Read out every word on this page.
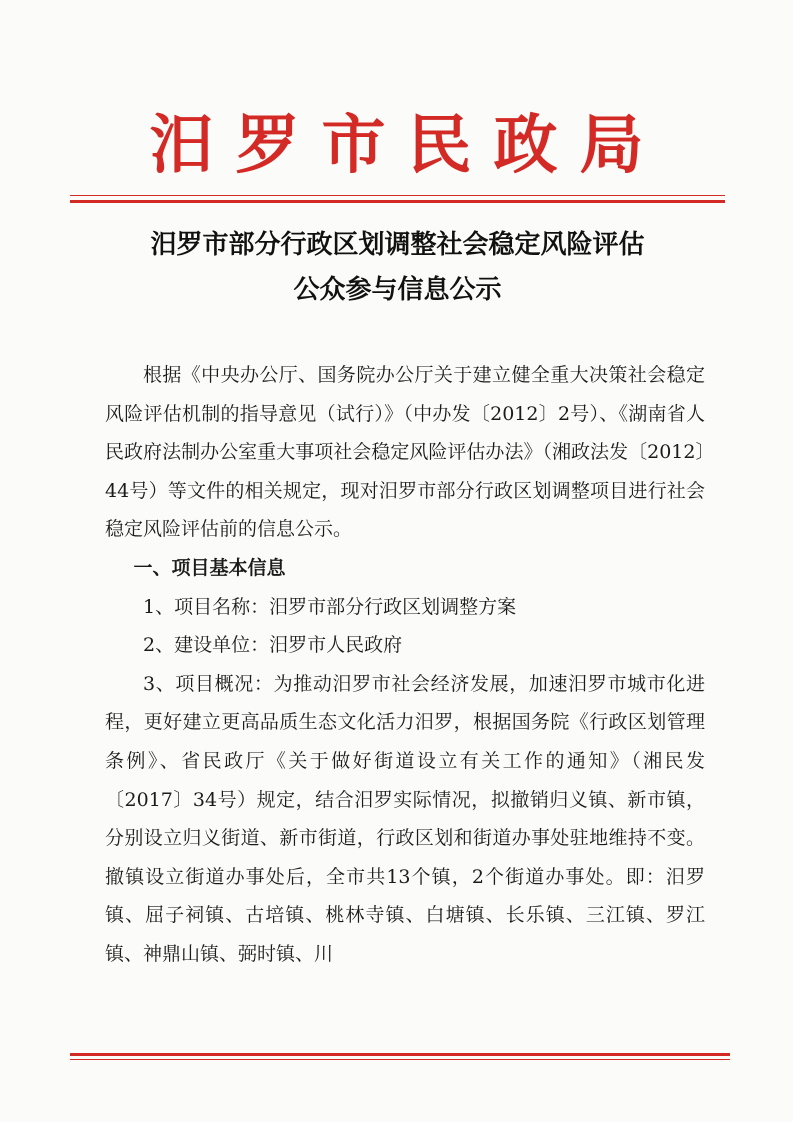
汨罗市民政局
汨罗市部分行政区划调整社会稳定风险评估
公众参与信息公示

根据《中央办公厅、国务院办公厅关于建立健全重大决策社会稳定风险评估机制的指导意见（试行）》（中办发〔2012〕2号）、《湖南省人民政府法制办公室重大事项社会稳定风险评估办法》（湘政法发〔2012〕44号）等文件的相关规定，现对汨罗市部分行政区划调整项目进行社会稳定风险评估前的信息公示。

一、项目基本信息

1、项目名称：汨罗市部分行政区划调整方案

2、建设单位：汨罗市人民政府

3、项目概况：为推动汨罗市社会经济发展，加速汨罗市城市化进程，更好建立更高品质生态文化活力汨罗，根据国务院《行政区划管理条例》、省民政厅《关于做好街道设立有关工作的通知》（湘民发〔2017〕34号）规定，结合汨罗实际情况，拟撤销归义镇、新市镇，分别设立归义街道、新市街道，行政区划和街道办事处驻地维持不变。撤镇设立街道办事处后，全市共13个镇，2个街道办事处。即：汨罗镇、屈子祠镇、古培镇、桃林寺镇、白塘镇、长乐镇、三江镇、罗江镇、神鼎山镇、弼时镇、川
